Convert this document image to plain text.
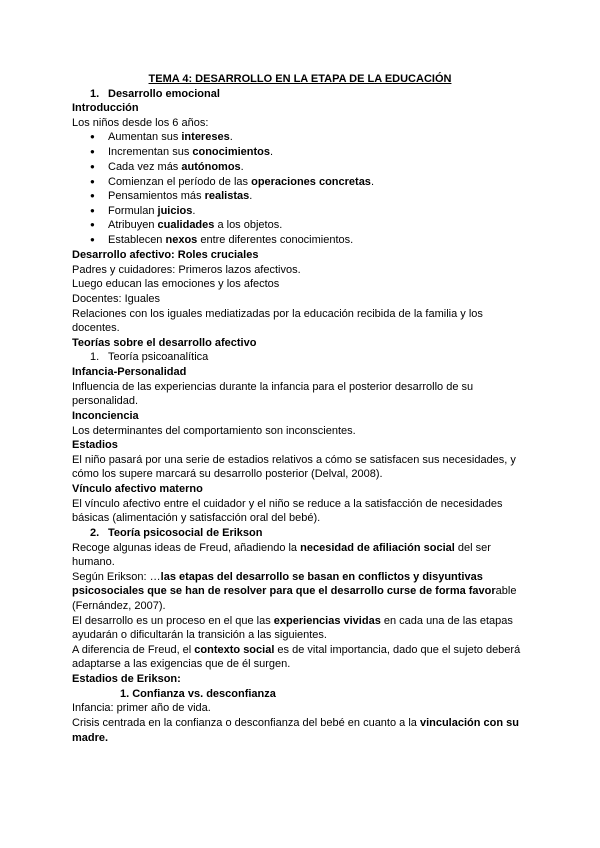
TEMA 4: DESARROLLO EN LA ETAPA DE LA EDUCACIÓN
1. Desarrollo emocional
Introducción
Los niños desde los 6 años:
● Aumentan sus intereses.
● Incrementan sus conocimientos.
● Cada vez más autónomos.
● Comienzan el período de las operaciones concretas.
● Pensamientos más realistas.
● Formulan juicios.
● Atribuyen cualidades a los objetos.
● Establecen nexos entre diferentes conocimientos.
Desarrollo afectivo: Roles cruciales
Padres y cuidadores: Primeros lazos afectivos.
Luego educan las emociones y los afectos
Docentes: Iguales
Relaciones con los iguales mediatizadas por la educación recibida de la familia y los
docentes.
Teorías sobre el desarrollo afectivo
1. Teoría psicoanalítica
Infancia-Personalidad
Influencia de las experiencias durante la infancia para el posterior desarrollo de su
personalidad.
Inconciencia
Los determinantes del comportamiento son inconscientes.
Estadios
El niño pasará por una serie de estadios relativos a cómo se satisfacen sus necesidades, y
cómo los supere marcará su desarrollo posterior (Delval, 2008).
Vínculo afectivo materno
El vínculo afectivo entre el cuidador y el niño se reduce a la satisfacción de necesidades
básicas (alimentación y satisfacción oral del bebé).
2. Teoría psicosocial de Erikson
Recoge algunas ideas de Freud, añadiendo la necesidad de afiliación social del ser
humano.
Según Erikson: …las etapas del desarrollo se basan en conflictos y disyuntivas
psicosociales que se han de resolver para que el desarrollo curse de forma favorable
(Fernández, 2007).
El desarrollo es un proceso en el que las experiencias vividas en cada una de las etapas
ayudarán o dificultarán la transición a las siguientes.
A diferencia de Freud, el contexto social es de vital importancia, dado que el sujeto deberá
adaptarse a las exigencias que de él surgen.
Estadios de Erikson:
1. Confianza vs. desconfianza
Infancia: primer año de vida.
Crisis centrada en la confianza o desconfianza del bebé en cuanto a la vinculación con su
madre.
